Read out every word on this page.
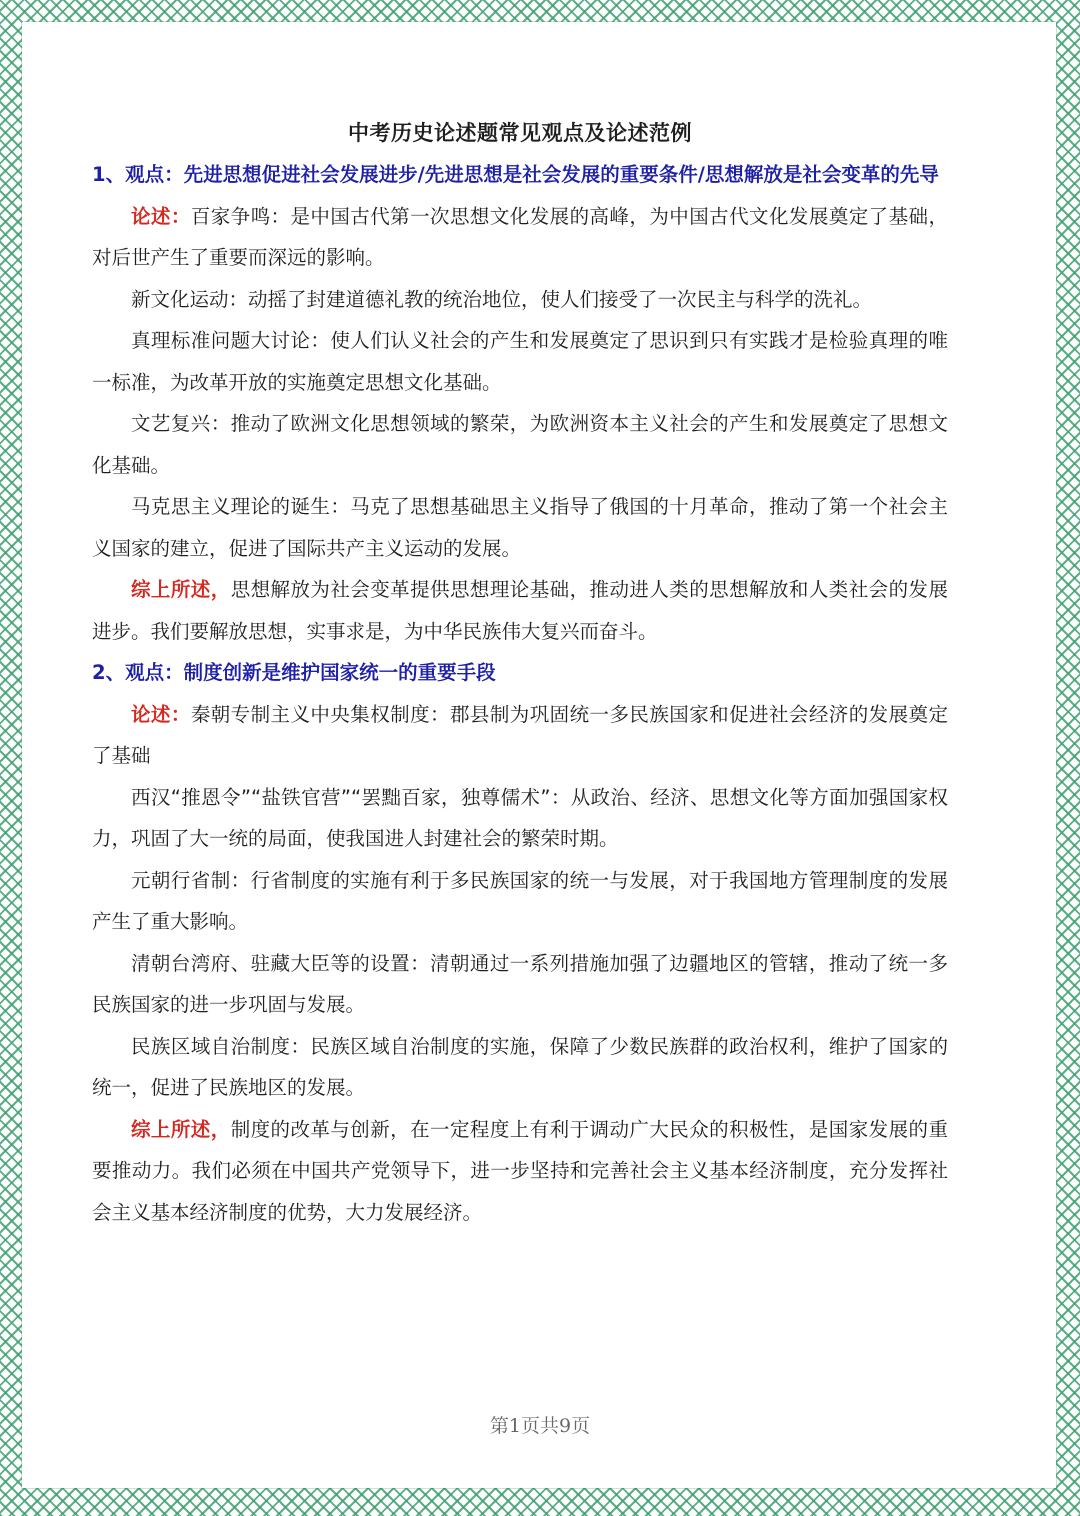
中考历史论述题常见观点及论述范例

1、观点：先进思想促进社会发展进步/先进思想是社会发展的重要条件/思想解放是社会变革的先导

论述：百家争鸣：是中国古代第一次思想文化发展的高峰，为中国古代文化发展奠定了基础，对后世产生了重要而深远的影响。

新文化运动：动摇了封建道德礼教的统治地位，使人们接受了一次民主与科学的洗礼。

真理标准问题大讨论：使人们认义社会的产生和发展奠定了思识到只有实践才是检验真理的唯一标准，为改革开放的实施奠定思想文化基础。

文艺复兴：推动了欧洲文化思想领域的繁荣，为欧洲资本主义社会的产生和发展奠定了思想文化基础。

马克思主义理论的诞生：马克了思想基础思主义指导了俄国的十月革命，推动了第一个社会主义国家的建立，促进了国际共产主义运动的发展。

综上所述，思想解放为社会变革提供思想理论基础，推动进人类的思想解放和人类社会的发展进步。我们要解放思想，实事求是，为中华民族伟大复兴而奋斗。

2、观点：制度创新是维护国家统一的重要手段

论述：秦朝专制主义中央集权制度：郡县制为巩固统一多民族国家和促进社会经济的发展奠定了基础

西汉“推恩令”“盐铁官营”“罢黜百家，独尊儒术”：从政治、经济、思想文化等方面加强国家权力，巩固了大一统的局面，使我国进人封建社会的繁荣时期。

元朝行省制：行省制度的实施有利于多民族国家的统一与发展，对于我国地方管理制度的发展产生了重大影响。

清朝台湾府、驻藏大臣等的设置：清朝通过一系列措施加强了边疆地区的管辖，推动了统一多民族国家的进一步巩固与发展。

民族区域自治制度：民族区域自治制度的实施，保障了少数民族群的政治权利，维护了国家的统一，促进了民族地区的发展。

综上所述，制度的改革与创新，在一定程度上有利于调动广大民众的积极性，是国家发展的重要推动力。我们必须在中国共产党领导下，进一步坚持和完善社会主义基本经济制度，充分发挥社会主义基本经济制度的优势，大力发展经济。

第1页共9页
